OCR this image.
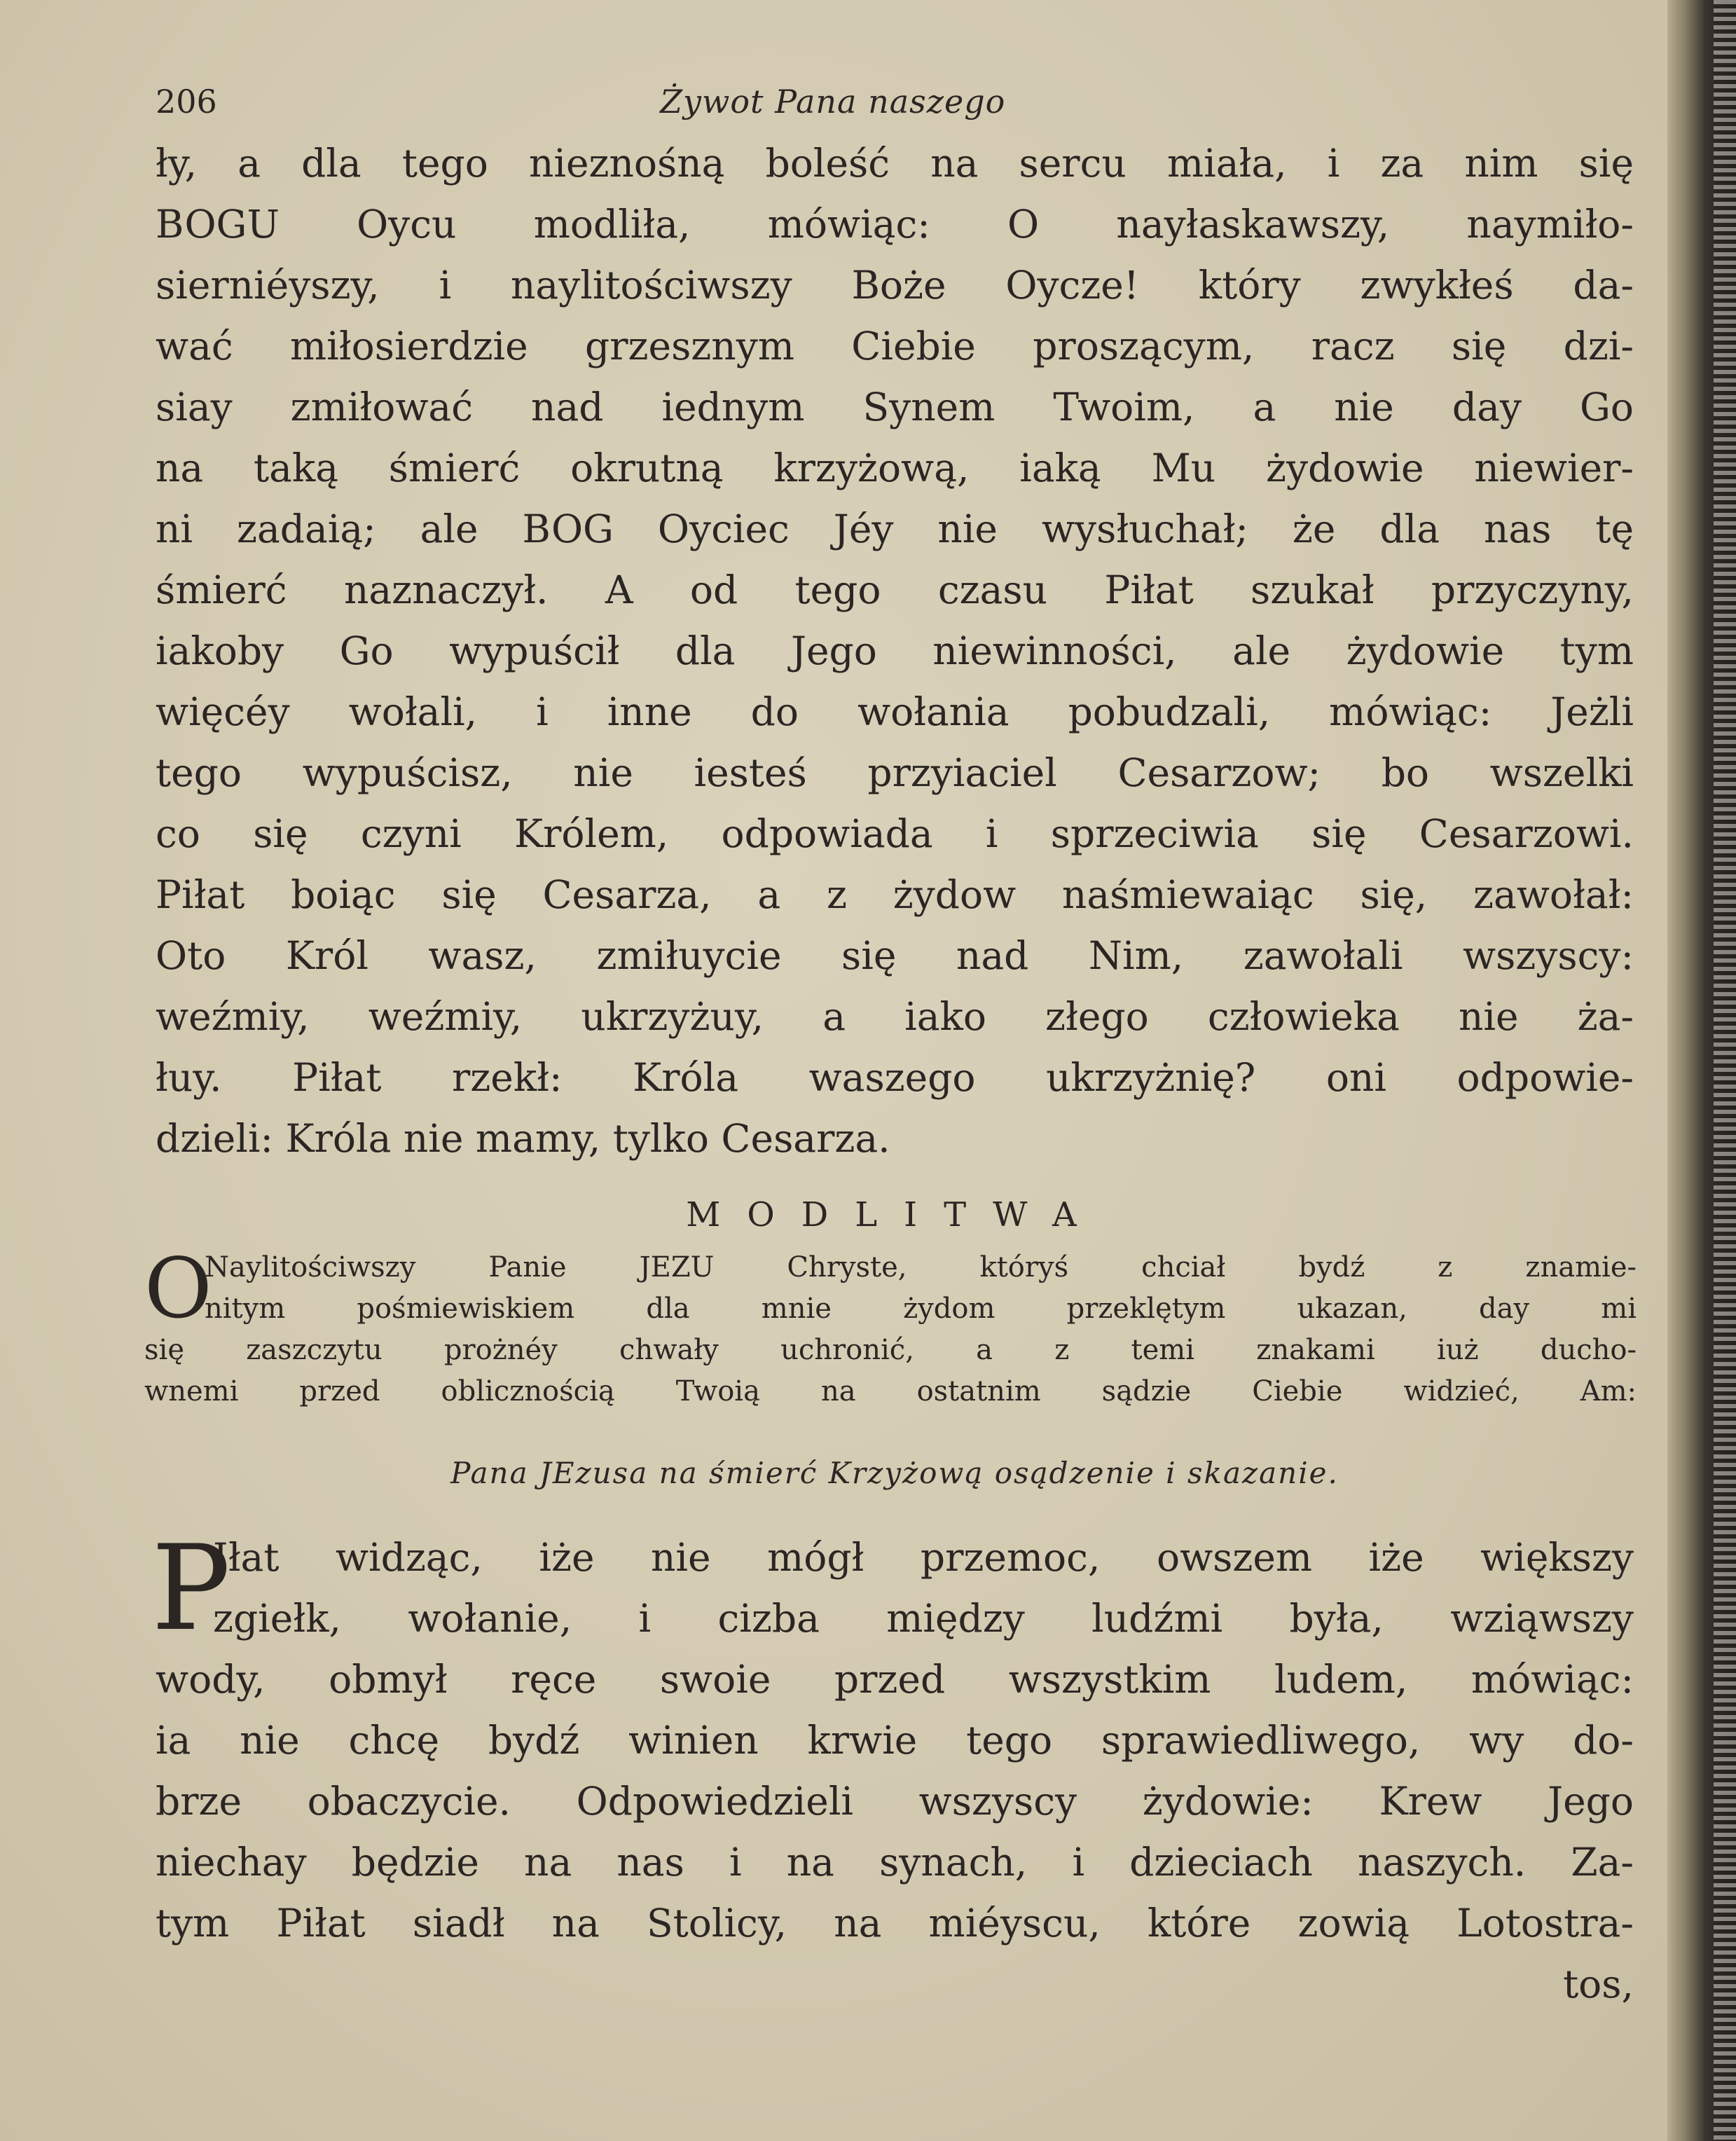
206	Żywot Pana naszego
ły, a dla tego nieznośną boleść na sercu miała, i za nim się
BOGU Oycu modliła, mówiąc: O nayłaskawszy, naymiło-
sierniéyszy, i naylitościwszy Boże Oycze! który zwykłeś da-
wać miłosierdzie grzesznym Ciebie proszącym, racz się dzi-
siay zmiłować nad iednym Synem Twoim, a nie day Go
na taką śmierć okrutną krzyżową, iaką Mu żydowie niewier-
ni zadaią; ale BOG Oyciec Jéy nie wysłuchał; że dla nas tę
śmierć naznaczył. A od tego czasu Piłat szukał przyczyny,
iakoby Go wypuścił dla Jego niewinności, ale żydowie tym
więcéy wołali, i inne do wołania pobudzali, mówiąc: Jeżli
tego wypuścisz, nie iesteś przyiaciel Cesarzow; bo wszelki
co się czyni Królem, odpowiada i sprzeciwia się Cesarzowi.
Piłat boiąc się Cesarza, a z żydow naśmiewaiąc się, zawołał:
Oto Król wasz, zmiłuycie się nad Nim, zawołali wszyscy:
weźmiy, weźmiy, ukrzyżuy, a iako złego człowieka nie ża-
łuy. Piłat rzekł: Króla waszego ukrzyżnię? oni odpowie-
dzieli: Króla nie mamy, tylko Cesarza.
MODLITWA
O
Naylitościwszy Panie JEZU Chryste, któryś chciał bydź z znamie-
nitym pośmiewiskiem dla mnie żydom przeklętym ukazan, day mi
się zaszczytu prożnéy chwały uchronić, a z temi znakami iuż ducho-
wnemi przed oblicznością Twoią na ostatnim sądzie Ciebie widzieć, Am:
Pana JEzusa na śmierć Krzyżową osądzenie i skazanie.
P
Iłat widząc, iże nie mógł przemoc, owszem iże większy
zgiełk, wołanie, i cizba między ludźmi była, wziąwszy
wody, obmył ręce swoie przed wszystkim ludem, mówiąc:
ia nie chcę bydź winien krwie tego sprawiedliwego, wy do-
brze obaczycie. Odpowiedzieli wszyscy żydowie: Krew Jego
niechay będzie na nas i na synach, i dzieciach naszych. Za-
tym Piłat siadł na Stolicy, na miéyscu, które zowią Lotostra-
tos,
